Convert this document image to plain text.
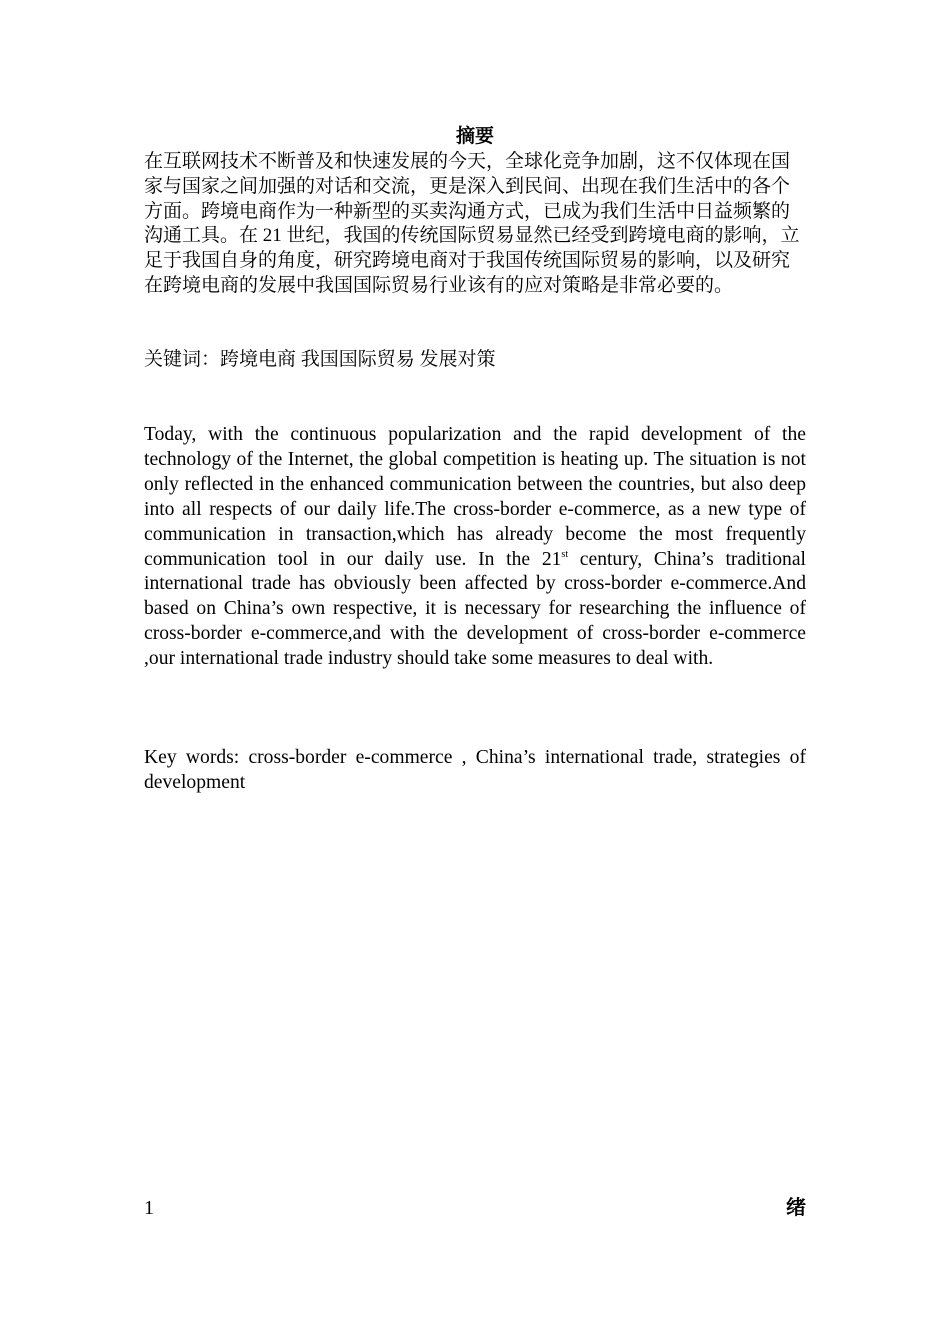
摘要

在互联网技术不断普及和快速发展的今天，全球化竞争加剧，这不仅体现在国家与国家之间加强的对话和交流，更是深入到民间、出现在我们生活中的各个方面。跨境电商作为一种新型的买卖沟通方式，已成为我们生活中日益频繁的沟通工具。在 21 世纪，我国的传统国际贸易显然已经受到跨境电商的影响，立足于我国自身的角度，研究跨境电商对于我国传统国际贸易的影响，以及研究在跨境电商的发展中我国国际贸易行业该有的应对策略是非常必要的。

关键词：跨境电商 我国国际贸易 发展对策

Today, with the continuous popularization and the rapid development of the technology of the Internet, the global competition is heating up. The situation is not only reflected in the enhanced communication between the countries, but also deep into all respects of our daily life.The cross-border e-commerce, as a new type of communication in transaction,which has already become the most frequently communication tool in our daily use. In the 21st century, China’s traditional international trade has obviously been affected by cross-border e-commerce.And based on China’s own respective, it is necessary for researching the influence of cross-border e-commerce,and with the development of cross-border e-commerce ,our international trade industry should take some measures to deal with.

Key words: cross-border e-commerce , China’s international trade, strategies of development

1	绪
